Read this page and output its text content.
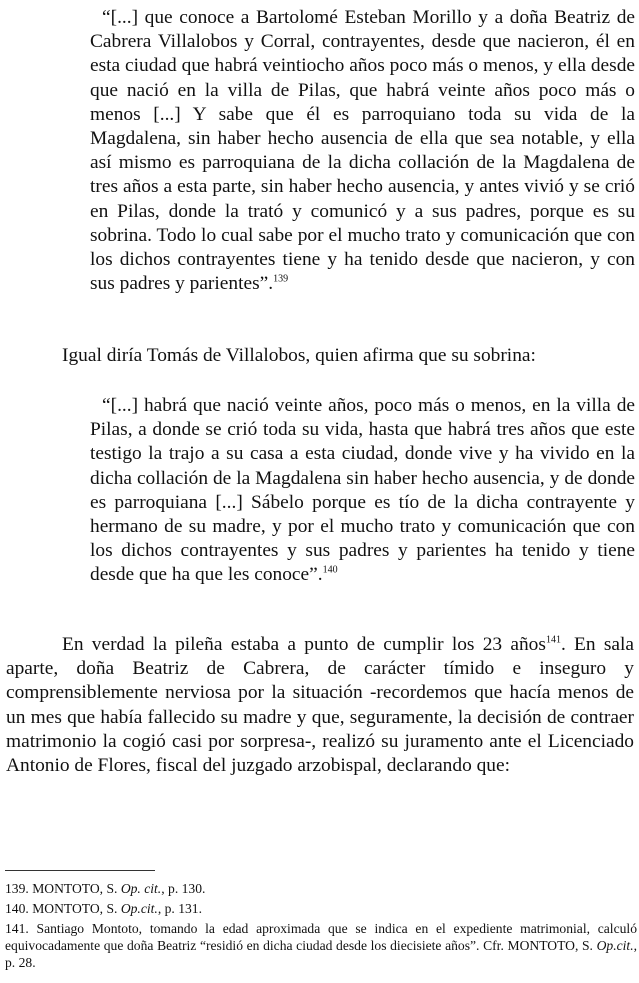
“[...] que conoce a Bartolomé Esteban Morillo y a doña Beatriz de Cabrera Villalobos y Corral, contrayentes, desde que nacieron, él en esta ciudad que habrá veintiocho años poco más o menos, y ella desde que nació en la villa de Pilas, que habrá veinte años poco más o menos [...] Y sabe que él es parroquiano toda su vida de la Magdalena, sin haber hecho ausencia de ella que sea notable, y ella así mismo es parroquiana de la dicha collación de la Magdalena de tres años a esta parte, sin haber hecho ausencia, y antes vivió y se crió en Pilas, donde la trató y comunicó y a sus padres, porque es su sobrina. Todo lo cual sabe por el mucho trato y comunicación que con los dichos contrayentes tiene y ha tenido desde que nacieron, y con sus padres y parientes”.$^{139}$

Igual diría Tomás de Villalobos, quien afirma que su sobrina:

“[...] habrá que nació veinte años, poco más o menos, en la villa de Pilas, a donde se crió toda su vida, hasta que habrá tres años que este testigo la trajo a su casa a esta ciudad, donde vive y ha vivido en la dicha collación de la Magdalena sin haber hecho ausencia, y de donde es parroquiana [...] Sábelo porque es tío de la dicha contrayente y hermano de su madre, y por el mucho trato y comunicación que con los dichos contrayentes y sus padres y parientes ha tenido y tiene desde que ha que les conoce”.$^{140}$

En verdad la pileña estaba a punto de cumplir los 23 años$^{141}$. En sala aparte, doña Beatriz de Cabrera, de carácter tímido e inseguro y comprensiblemente nerviosa por la situación -recordemos que hacía menos de un mes que había fallecido su madre y que, seguramente, la decisión de contraer matrimonio la cogió casi por sorpresa-, realizó su juramento ante el Licenciado Antonio de Flores, fiscal del juzgado arzobispal, declarando que:

139. MONTOTO, S. Op. cit., p. 130.

140. MONTOTO, S. Op.cit., p. 131.

141. Santiago Montoto, tomando la edad aproximada que se indica en el expediente matrimonial, calculó equivocadamente que doña Beatriz “residió en dicha ciudad desde los diecisiete años”. Cfr. MONTOTO, S. Op.cit., p. 28.
